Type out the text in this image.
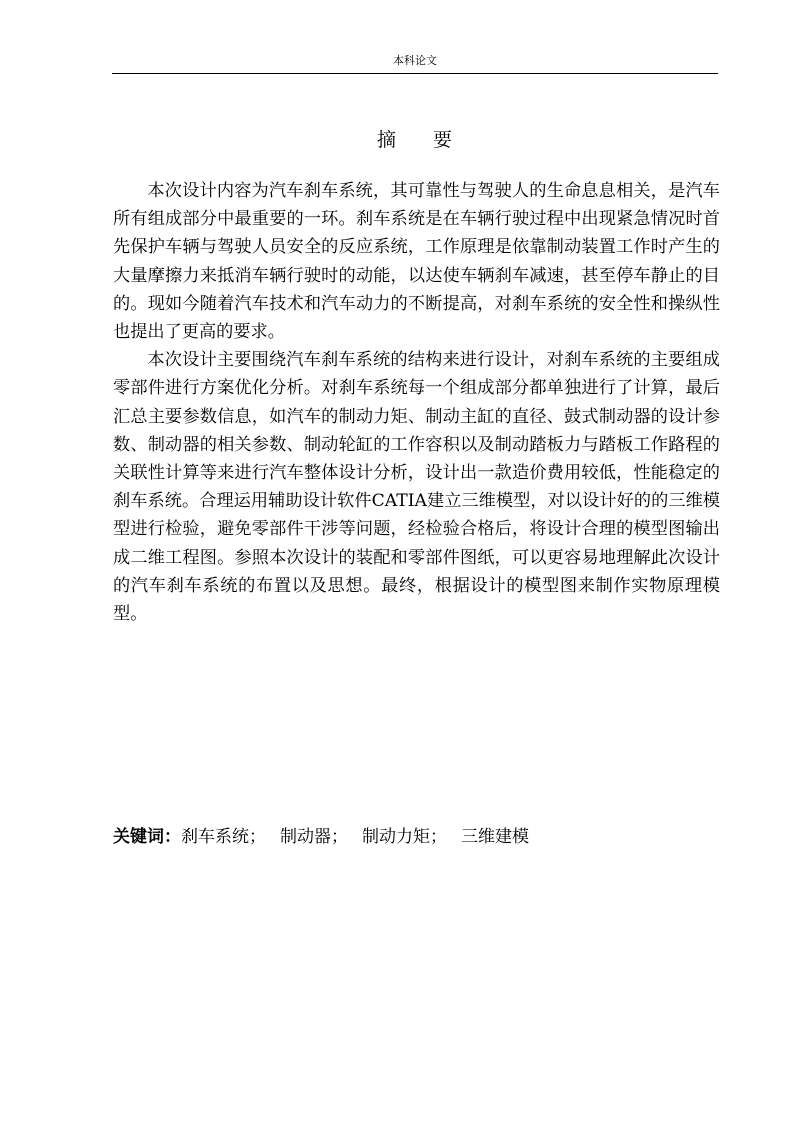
本科论文
摘 要

本次设计内容为汽车刹车系统，其可靠性与驾驶人的生命息息相关，是汽车所有组成部分中最重要的一环。刹车系统是在车辆行驶过程中出现紧急情况时首先保护车辆与驾驶人员安全的反应系统，工作原理是依靠制动装置工作时产生的大量摩擦力来抵消车辆行驶时的动能，以达使车辆刹车减速，甚至停车静止的目的。现如今随着汽车技术和汽车动力的不断提高，对刹车系统的安全性和操纵性也提出了更高的要求。

本次设计主要围绕汽车刹车系统的结构来进行设计，对刹车系统的主要组成零部件进行方案优化分析。对刹车系统每一个组成部分都单独进行了计算，最后汇总主要参数信息，如汽车的制动力矩、制动主缸的直径、鼓式制动器的设计参数、制动器的相关参数、制动轮缸的工作容积以及制动踏板力与踏板工作路程的关联性计算等来进行汽车整体设计分析，设计出一款造价费用较低，性能稳定的刹车系统。合理运用辅助设计软件CATIA建立三维模型，对以设计好的的三维模型进行检验，避免零部件干涉等问题，经检验合格后，将设计合理的模型图输出成二维工程图。参照本次设计的装配和零部件图纸，可以更容易地理解此次设计的汽车刹车系统的布置以及思想。最终，根据设计的模型图来制作实物原理模型。

关键词：刹车系统； 制动器； 制动力矩； 三维建模
